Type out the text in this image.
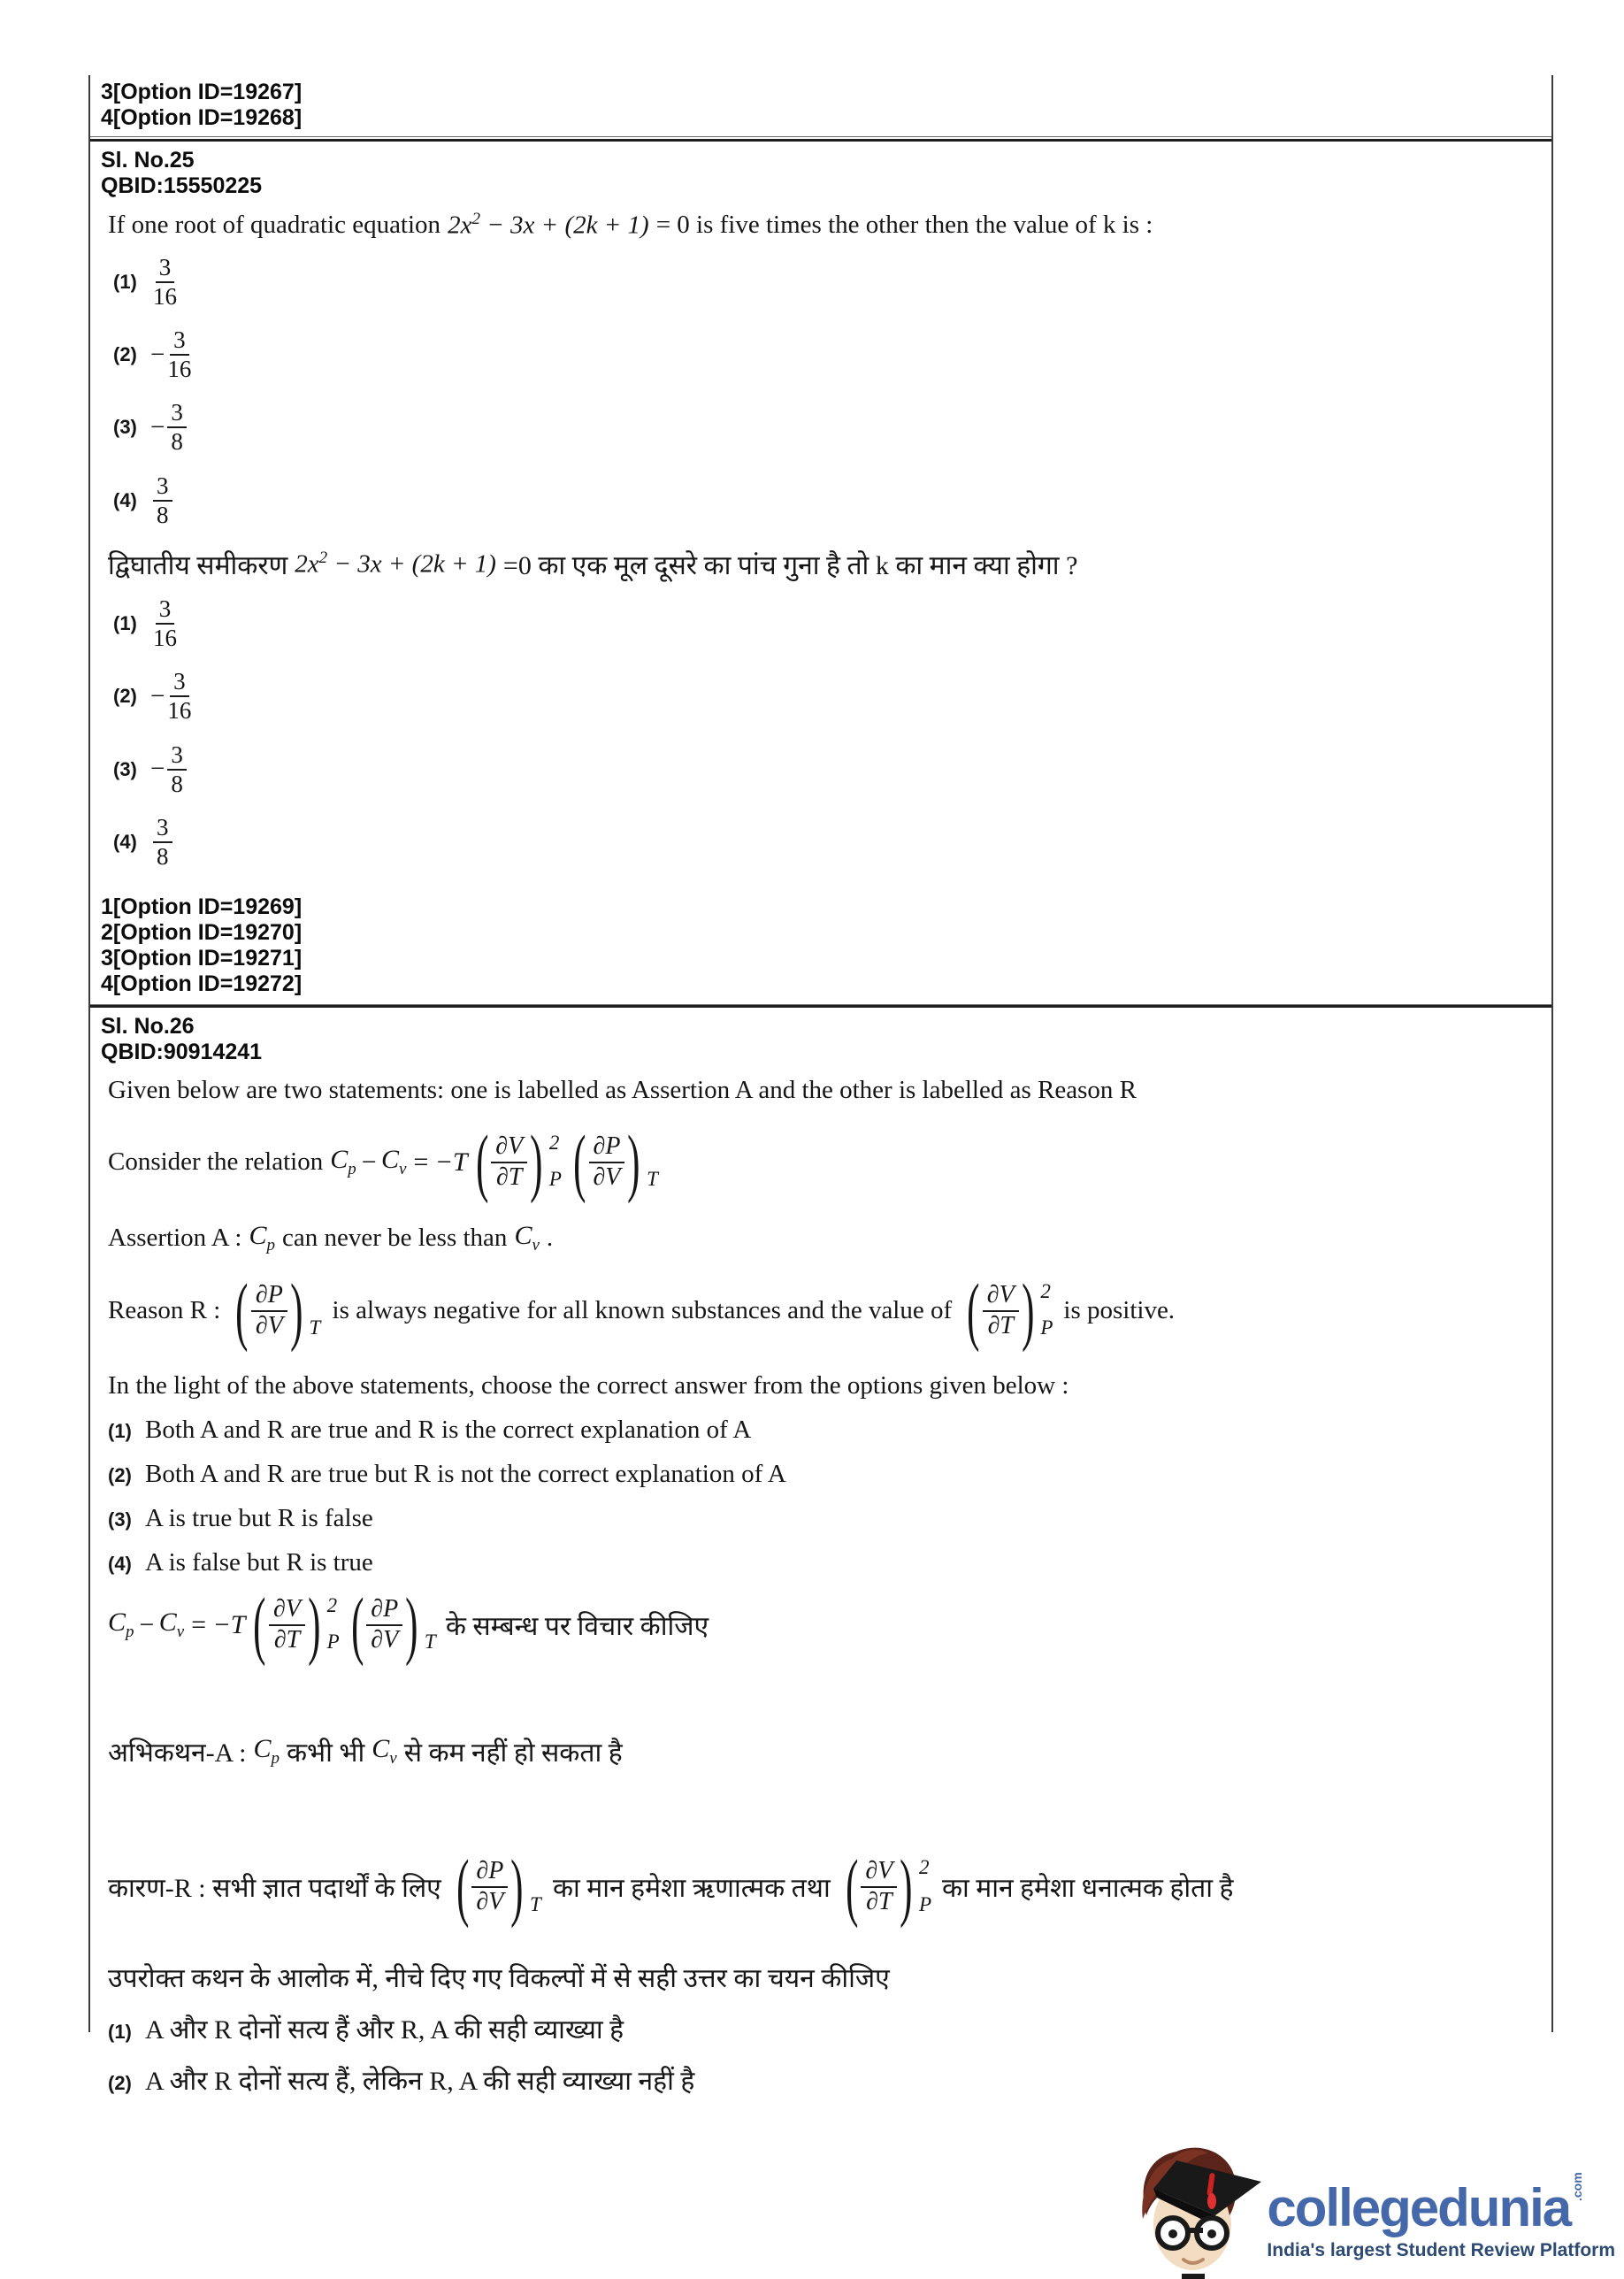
3[Option ID=19267]
4[Option ID=19268]
Sl. No.25
QBID:15550225
If one root of quadratic equation $2x^2 - 3x + (2k + 1) = 0$ is five times the other then the value of k is :
$(1) \frac{3}{16}$
$(2) - \frac{3}{16}$
$(3) - \frac{3}{8}$
$(4) \frac{3}{8}$
द्विघातीय समीकरण $2x^2 - 3x + (2k + 1) =0$ का एक मूल दूसरे का पांच गुना है तो k का मान क्या होगा ?
$(1) \frac{3}{16}$
$(2) - \frac{3}{16}$
$(3) - \frac{3}{8}$
$(4) \frac{3}{8}$
1[Option ID=19269]
2[Option ID=19270]
3[Option ID=19271]
4[Option ID=19272]
Sl. No.26
QBID:90914241
Given below are two statements: one is labelled as Assertion A and the other is labelled as Reason R
Consider the relation $C_p - C_v = -T$ ( $\frac{\partial V}{\partial T}$ ) 2
P ( $\frac{\partial P}{\partial V}$ ) T
Assertion A : $C_p$ can never be less than $C_v$ .
Reason R : ( $\frac{\partial P}{\partial V}$ ) T
is always negative for all known substances and the value of ( $\frac{\partial V}{\partial T}$ ) 2
P
is positive.
In the light of the above statements, choose the correct answer from the options given below :
(1) Both A and R are true and R is the correct explanation of A
(2) Both A and R are true but R is not the correct explanation of A
(3) A is true but R is false
(4) A is false but R is true
$C_p - C_v = -T$ ( $\frac{\partial V}{\partial T}$ ) 2
P ( $\frac{\partial P}{\partial V}$ ) T
के सम्बन्ध पर विचार कीजिए
अभिकथन-A : $C_p$ कभी भी $C_v$ से कम नहीं हो सकता है
कारण-R : सभी ज्ञात पदार्थों के लिए ( $\frac{\partial P}{\partial V}$ ) T
का मान हमेशा ऋणात्मक तथा ( $\frac{\partial V}{\partial T}$ ) 2
P
का मान हमेशा धनात्मक होता है
उपरोक्त कथन के आलोक में, नीचे दिए गए विकल्पों में से सही उत्तर का चयन कीजिए
(1) A और R दोनों सत्य हैं और R, A की सही व्याख्या है
(2) A और R दोनों सत्य हैं, लेकिन R, A की सही व्याख्या नहीं है
collegedunia .com
India's largest Student Review Platform
